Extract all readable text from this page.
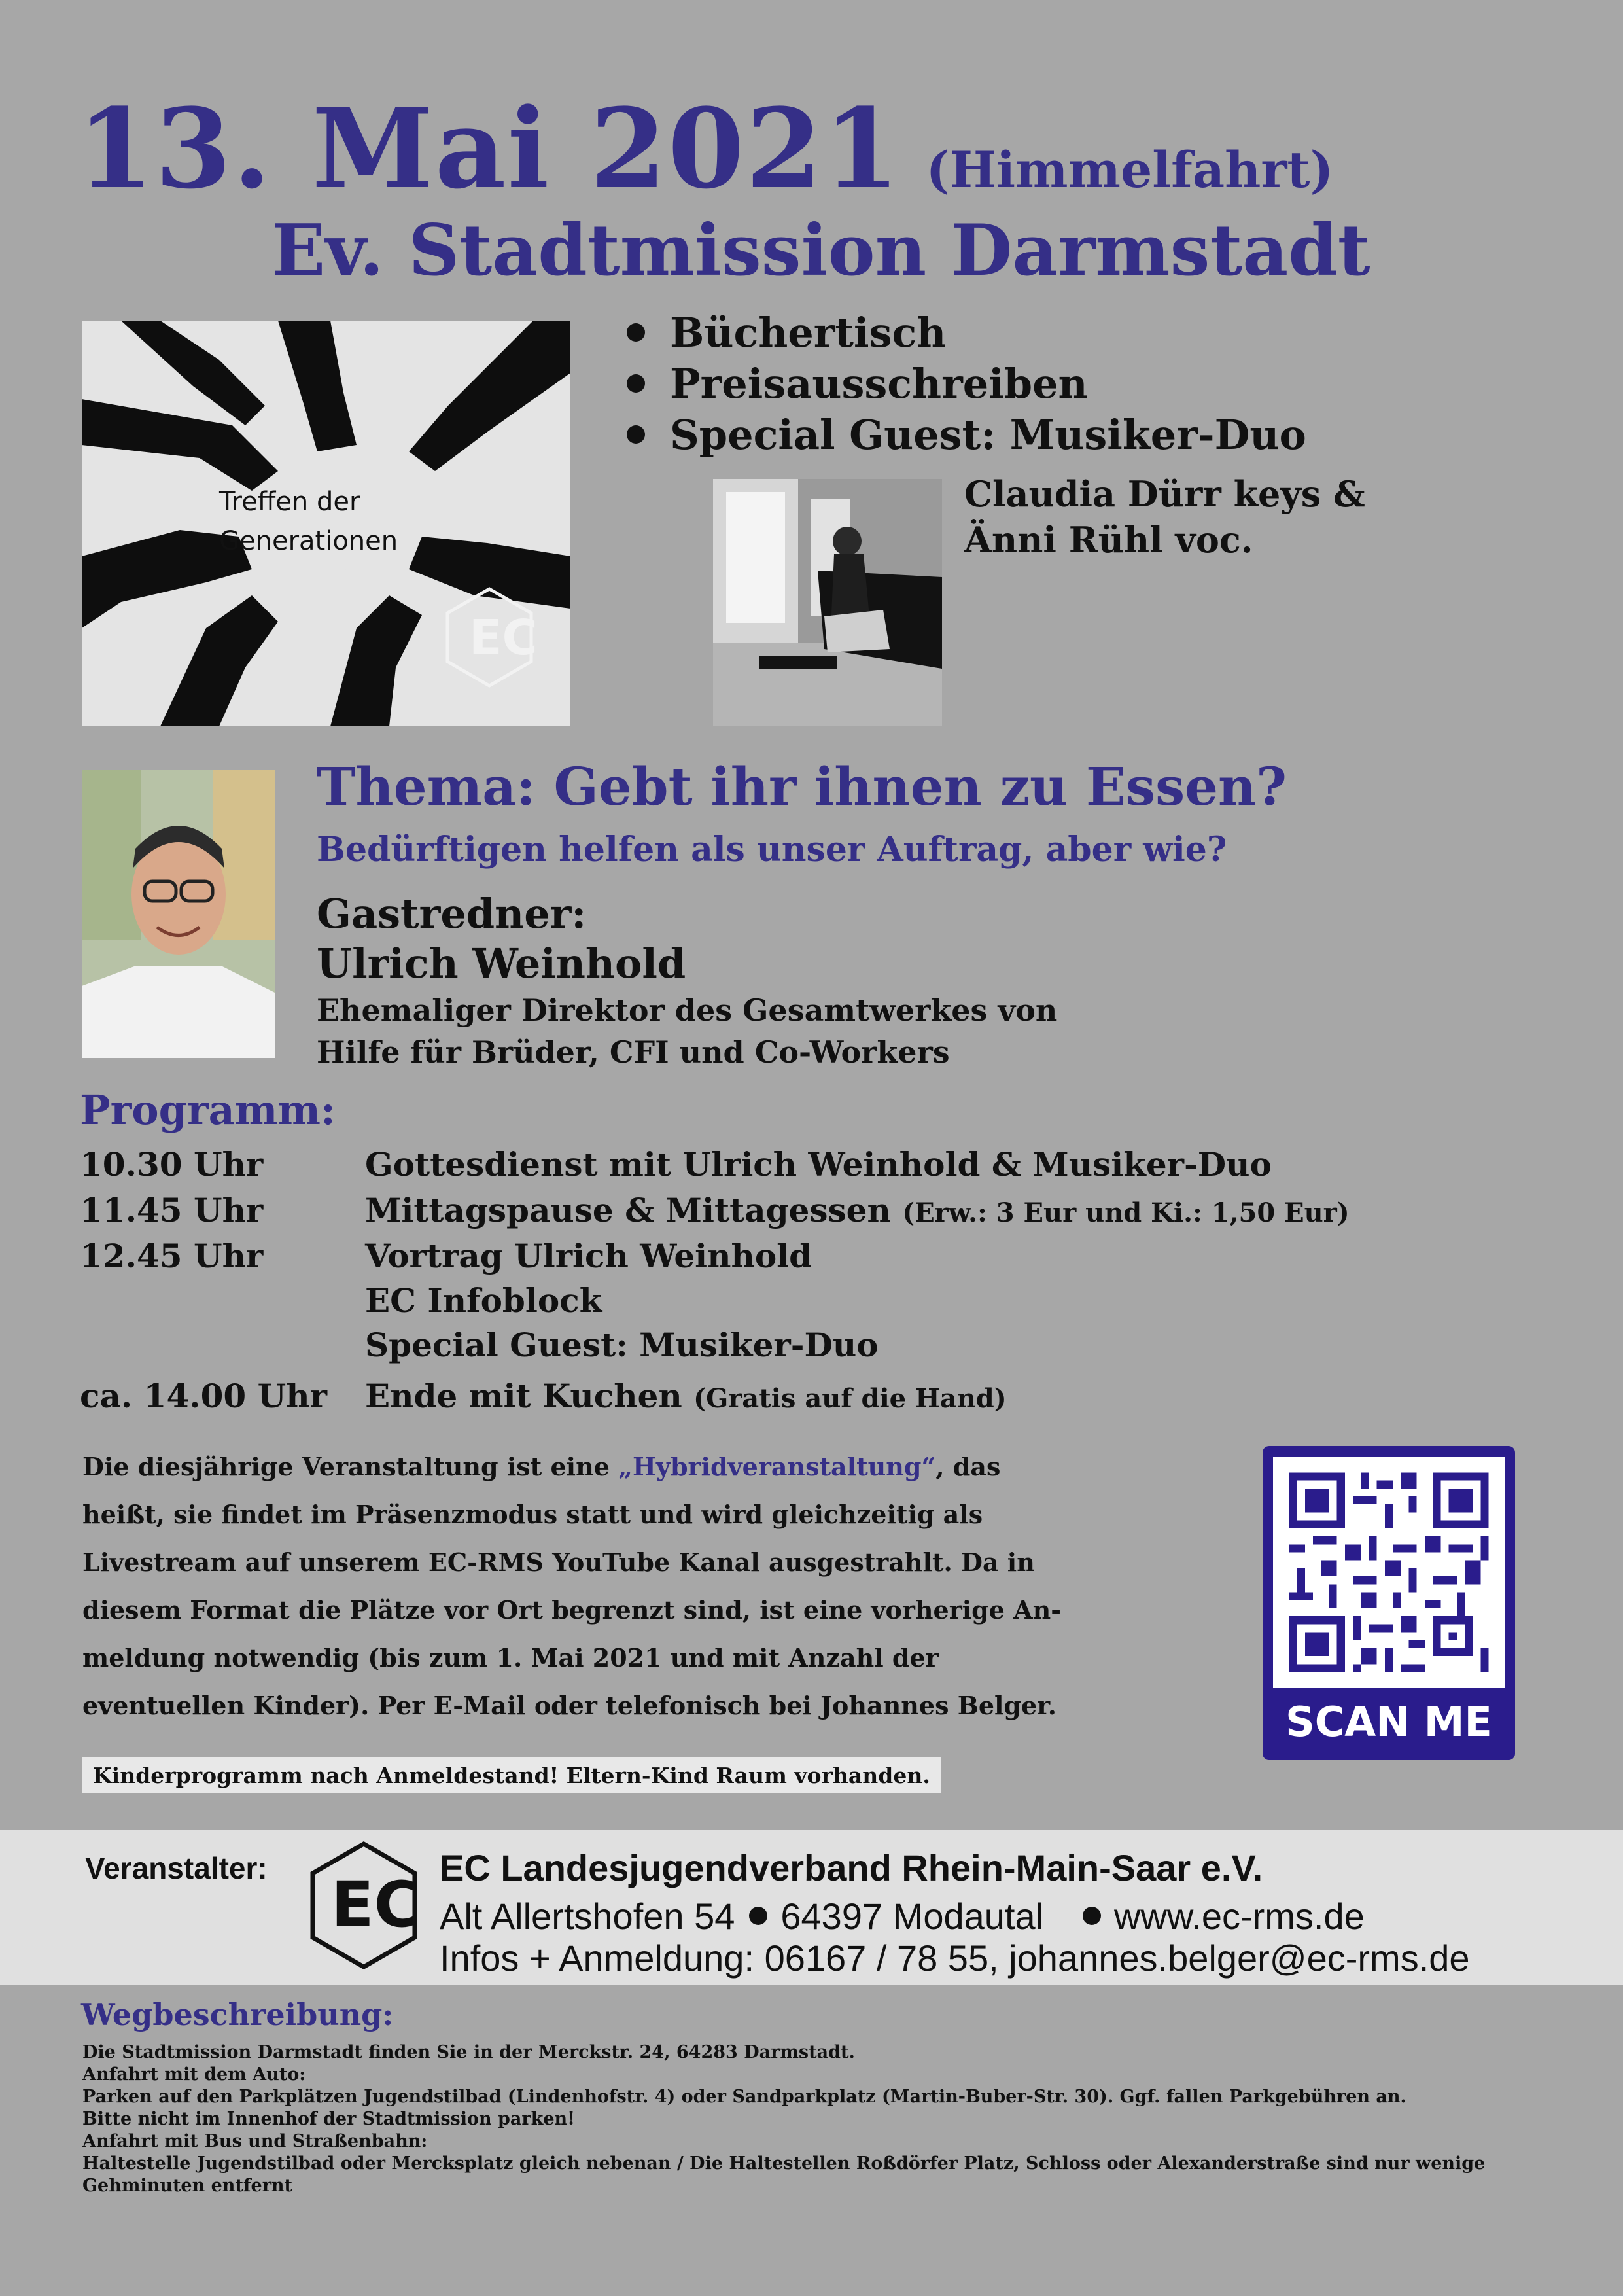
13. Mai 2021 (Himmelfahrt)
Ev. Stadtmission Darmstadt
Treffen der
Generationen
EC
Büchertisch
Preisausschreiben
Special Guest: Musiker-Duo
Claudia Dürr keys &
Änni Rühl voc.
Thema: Gebt ihr ihnen zu Essen?
Bedürftigen helfen als unser Auftrag, aber wie?
Gastredner:
Ulrich Weinhold
Ehemaliger Direktor des Gesamtwerkes von
Hilfe für Brüder, CFI und Co-Workers
Programm:
10.30 Uhr	Gottesdienst mit Ulrich Weinhold & Musiker-Duo
11.45 Uhr	Mittagspause & Mittagessen (Erw.: 3 Eur und Ki.: 1,50 Eur)
12.45 Uhr	Vortrag Ulrich Weinhold
EC Infoblock
Special Guest: Musiker-Duo
ca. 14.00 Uhr Ende mit Kuchen (Gratis auf die Hand)
Die diesjährige Veranstaltung ist eine „Hybridveranstaltung“, das
heißt, sie findet im Präsenzmodus statt und wird gleichzeitig als
Livestream auf unserem EC-RMS YouTube Kanal ausgestrahlt. Da in
diesem Format die Plätze vor Ort begrenzt sind, ist eine vorherige An-
meldung notwendig (bis zum 1. Mai 2021 und mit Anzahl der
eventuellen Kinder). Per E-Mail oder telefonisch bei Johannes Belger.
Kinderprogramm nach Anmeldestand! Eltern-Kind Raum vorhanden.
SCAN ME
Veranstalter: EC
EC Landesjugendverband Rhein-Main-Saar e.V.
Alt Allertshofen 54 64397 Modautal www.ec-rms.de
Infos + Anmeldung: 06167 / 78 55, johannes.belger@ec-rms.de
Wegbeschreibung:
Die Stadtmission Darmstadt finden Sie in der Merckstr. 24, 64283 Darmstadt.
Anfahrt mit dem Auto:
Parken auf den Parkplätzen Jugendstilbad (Lindenhofstr. 4) oder Sandparkplatz (Martin-Buber-Str. 30). Ggf. fallen Parkgebühren an.
Bitte nicht im Innenhof der Stadtmission parken!
Anfahrt mit Bus und Straßenbahn:
Haltestelle Jugendstilbad oder Mercksplatz gleich nebenan / Die Haltestellen Roßdörfer Platz, Schloss oder Alexanderstraße sind nur wenige
Gehminuten entfernt
